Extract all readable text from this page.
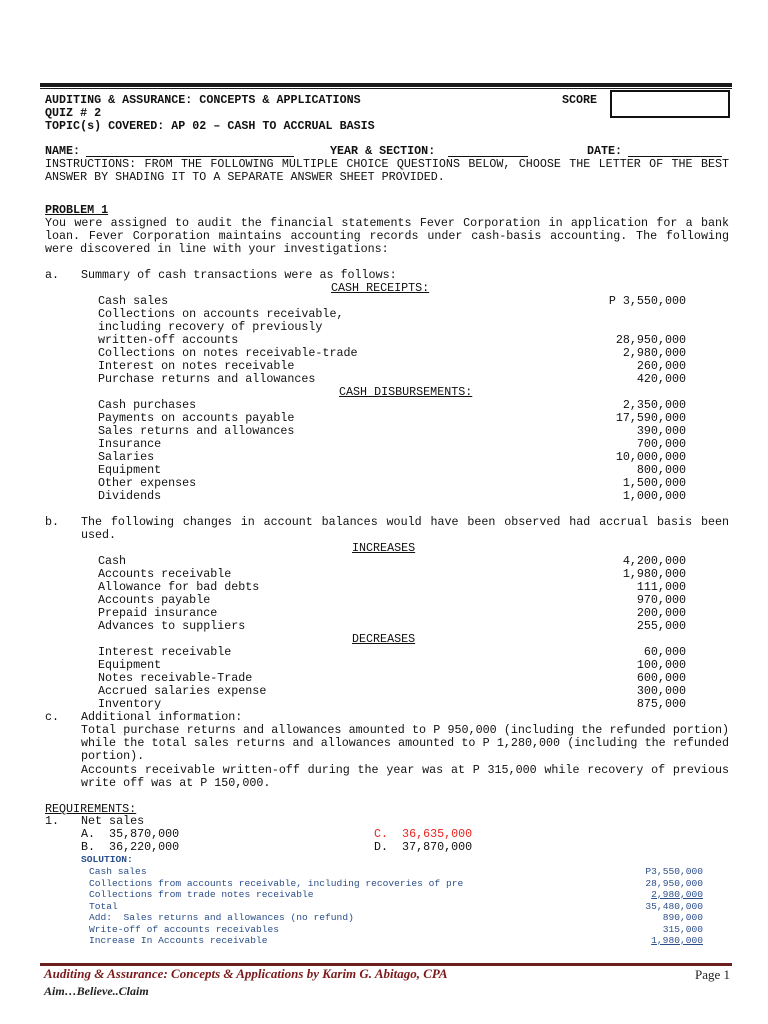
AUDITING & ASSURANCE: CONCEPTS & APPLICATIONS	SCORE
QUIZ # 2
TOPIC(s) COVERED: AP 02 – CASH TO ACCRUAL BASIS
NAME:	YEAR & SECTION:	DATE:
INSTRUCTIONS: FROM THE FOLLOWING MULTIPLE CHOICE QUESTIONS BELOW, CHOOSE THE LETTER OF THE BEST ANSWER BY SHADING IT TO A SEPARATE ANSWER SHEET PROVIDED.
PROBLEM 1
You were assigned to audit the financial statements Fever Corporation in application for a bank loan. Fever Corporation maintains accounting records under cash-basis accounting. The following were discovered in line with your investigations:
a. Summary of cash transactions were as follows:
CASH RECEIPTS:
Cash sales	P 3,550,000
Collections on accounts receivable,
including recovery of previously
written-off accounts	28,950,000
Collections on notes receivable-trade	2,980,000
Interest on notes receivable	260,000
Purchase returns and allowances	420,000
CASH DISBURSEMENTS:
Cash purchases	2,350,000
Payments on accounts payable	17,590,000
Sales returns and allowances	390,000
Insurance	700,000
Salaries	10,000,000
Equipment	800,000
Other expenses	1,500,000
Dividends	1,000,000
b. The following changes in account balances would have been observed had accrual basis been used.
INCREASES
Cash	4,200,000
Accounts receivable	1,980,000
Allowance for bad debts	111,000
Accounts payable	970,000
Prepaid insurance	200,000
Advances to suppliers	255,000
DECREASES
Interest receivable	60,000
Equipment	100,000
Notes receivable-Trade	600,000
Accrued salaries expense	300,000
Inventory	875,000
c. Additional information:
Total purchase returns and allowances amounted to P 950,000 (including the refunded portion) while the total sales returns and allowances amounted to P 1,280,000 (including the refunded portion).
Accounts receivable written-off during the year was at P 315,000 while recovery of previous write off was at P 150,000.
REQUIREMENTS:
1. Net sales
A.  35,870,000	C.  36,635,000
B.  36,220,000	D.  37,870,000
SOLUTION:
Cash sales	P3,550,000
Collections from accounts receivable, including recoveries of pre	28,950,000
Collections from trade notes receivable	2,980,000
Total	35,480,000
Add:  Sales returns and allowances (no refund)	890,000
Write-off of accounts receivables	315,000
Increase In Accounts receivable	1,980,000
Auditing & Assurance: Concepts & Applications by Karim G. Abitago, CPA
Aim…Believe..Claim
Page 1
